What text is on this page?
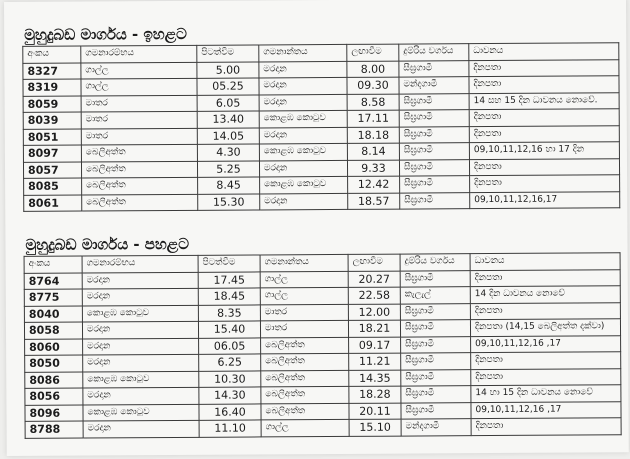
මුහුදුබඩ මාර්ගය - ඉහළට
අංකය	ගමනාරම්භය	පිටත්වීම	ගමනාන්තය	ලඟාවීම	දුම්රිය වර්ගය	ධාවනය
8327	ගාල්ල	5.00	මරදාන	8.00	සීඝ්‍රගාමී	දිනපතා
8319	ගාල්ල	05.25	මරදාන	09.30	මන්දගාමී	දිනපතා
8059	මාතර	6.05	මරදාන	8.58	සීඝ්‍රගාමී	14 සහ 15 දින ධාවනය නොවේ.
8039	මාතර	13.40	කොළඹ කොටුව	17.11	සීඝ්‍රගාමී	දිනපතා
8051	මාතර	14.05	මරදාන	18.18	සීඝ්‍රගාමී	දිනපතා
8097	බෙලිඅත්ත	4.30	කොළඹ කොටුව	8.14	සීඝ්‍රගාමී	09,10,11,12,16 හා 17 දින
8057	බෙලිඅත්ත	5.25	මරදාන	9.33	සීඝ්‍රගාමී	දිනපතා
8085	බෙලිඅත්ත	8.45	කොළඹ කොටුව	12.42	සීඝ්‍රගාමී	දිනපතා
8061	බෙලිඅත්ත	15.30	මරදාන	18.57	සීඝ්‍රගාමී	09,10,11,12,16,17
මුහුදුබඩ මාර්ගය - පහළට
අංකය	ගමනාරම්භය	පිටත්වීම	ගමනාන්තය	ලඟාවීම	දුම්රිය වර්ගය	ධාවනය
8764	මරදාන	17.45	ගාල්ල	20.27	සීඝ්‍රගාමී	දිනපතා
8775	මරදාන	18.45	ගාල්ල	22.58	කැලැල්	14 දින ධාවනය නොවේ
8040	කොළඹ කොටුව	8.35	මාතර	12.00	සීඝ්‍රගාමී	දිනපතා
8058	මරදාන	15.40	මාතර	18.21	සීඝ්‍රගාමී	දිනපතා (14,15 බෙලිඅත්ත දක්වා)
8060	මරදාන	06.05	බෙලිඅත්ත	09.17	සීඝ්‍රගාමී	09,10,11,12,16 ,17
8050	මරදාන	6.25	බෙලිඅත්ත	11.21	සීඝ්‍රගාමී	දිනපතා
8086	කොළඹ කොටුව	10.30	බෙලිඅත්ත	14.35	සීඝ්‍රගාමී	දිනපතා
8056	මරදාන	14.30	බෙලිඅත්ත	18.28	සීඝ්‍රගාමී	14 හා 15 දින ධාවනය නොවේ
8096	කොළඹ කොටුව	16.40	බෙලිඅත්ත	20.11	සීඝ්‍රගාමී	09,10,11,12,16 ,17
8788	මරදාන	11.10	ගාල්ල	15.10	මන්දගාමී	දිනපතා
